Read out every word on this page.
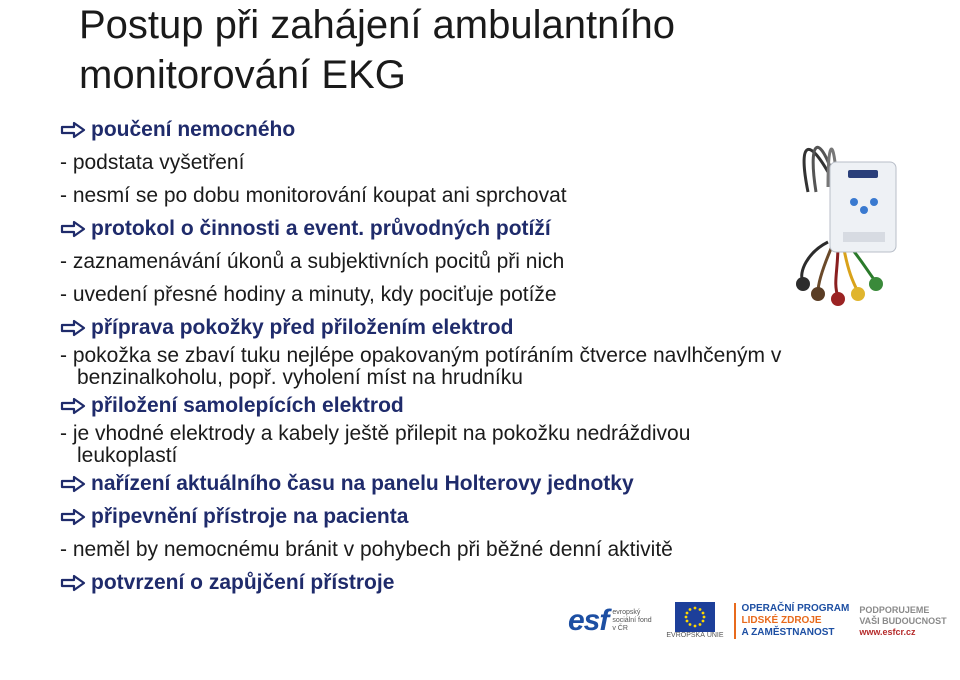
Postup při zahájení ambulantního monitorování EKG
poučení nemocného
- podstata vyšetření
- nesmí se po dobu monitorování koupat ani sprchovat
protokol o činnosti a event. průvodných potíží
- zaznamenávání úkonů a subjektivních pocitů při nich
- uvedení přesné hodiny a minuty, kdy pociťuje potíže
příprava pokožky před přiložením elektrod
- pokožka se zbaví tuku nejlépe opakovaným potíráním čtverce navlhčeným v
benzinalkoholu, popř. vyholení míst na hrudníku
přiložení samolepících elektrod
- je vhodné elektrody a kabely ještě přilepit na pokožku nedráždivou
leukoplastí
nařízení aktuálního času na panelu Holterovy jednotky
připevnění přístroje na pacienta
- neměl by nemocnému bránit v pohybech při běžné denní aktivitě
potvrzení o zapůjčení přístroje
esf evropský sociální fond v ČR
EVROPSKÁ UNIE
OPERAČNÍ PROGRAM
LIDSKÉ ZDROJE
A ZAMĚSTNANOST
PODPORUJEME
VAŠI BUDOUCNOST
www.esfcr.cz
